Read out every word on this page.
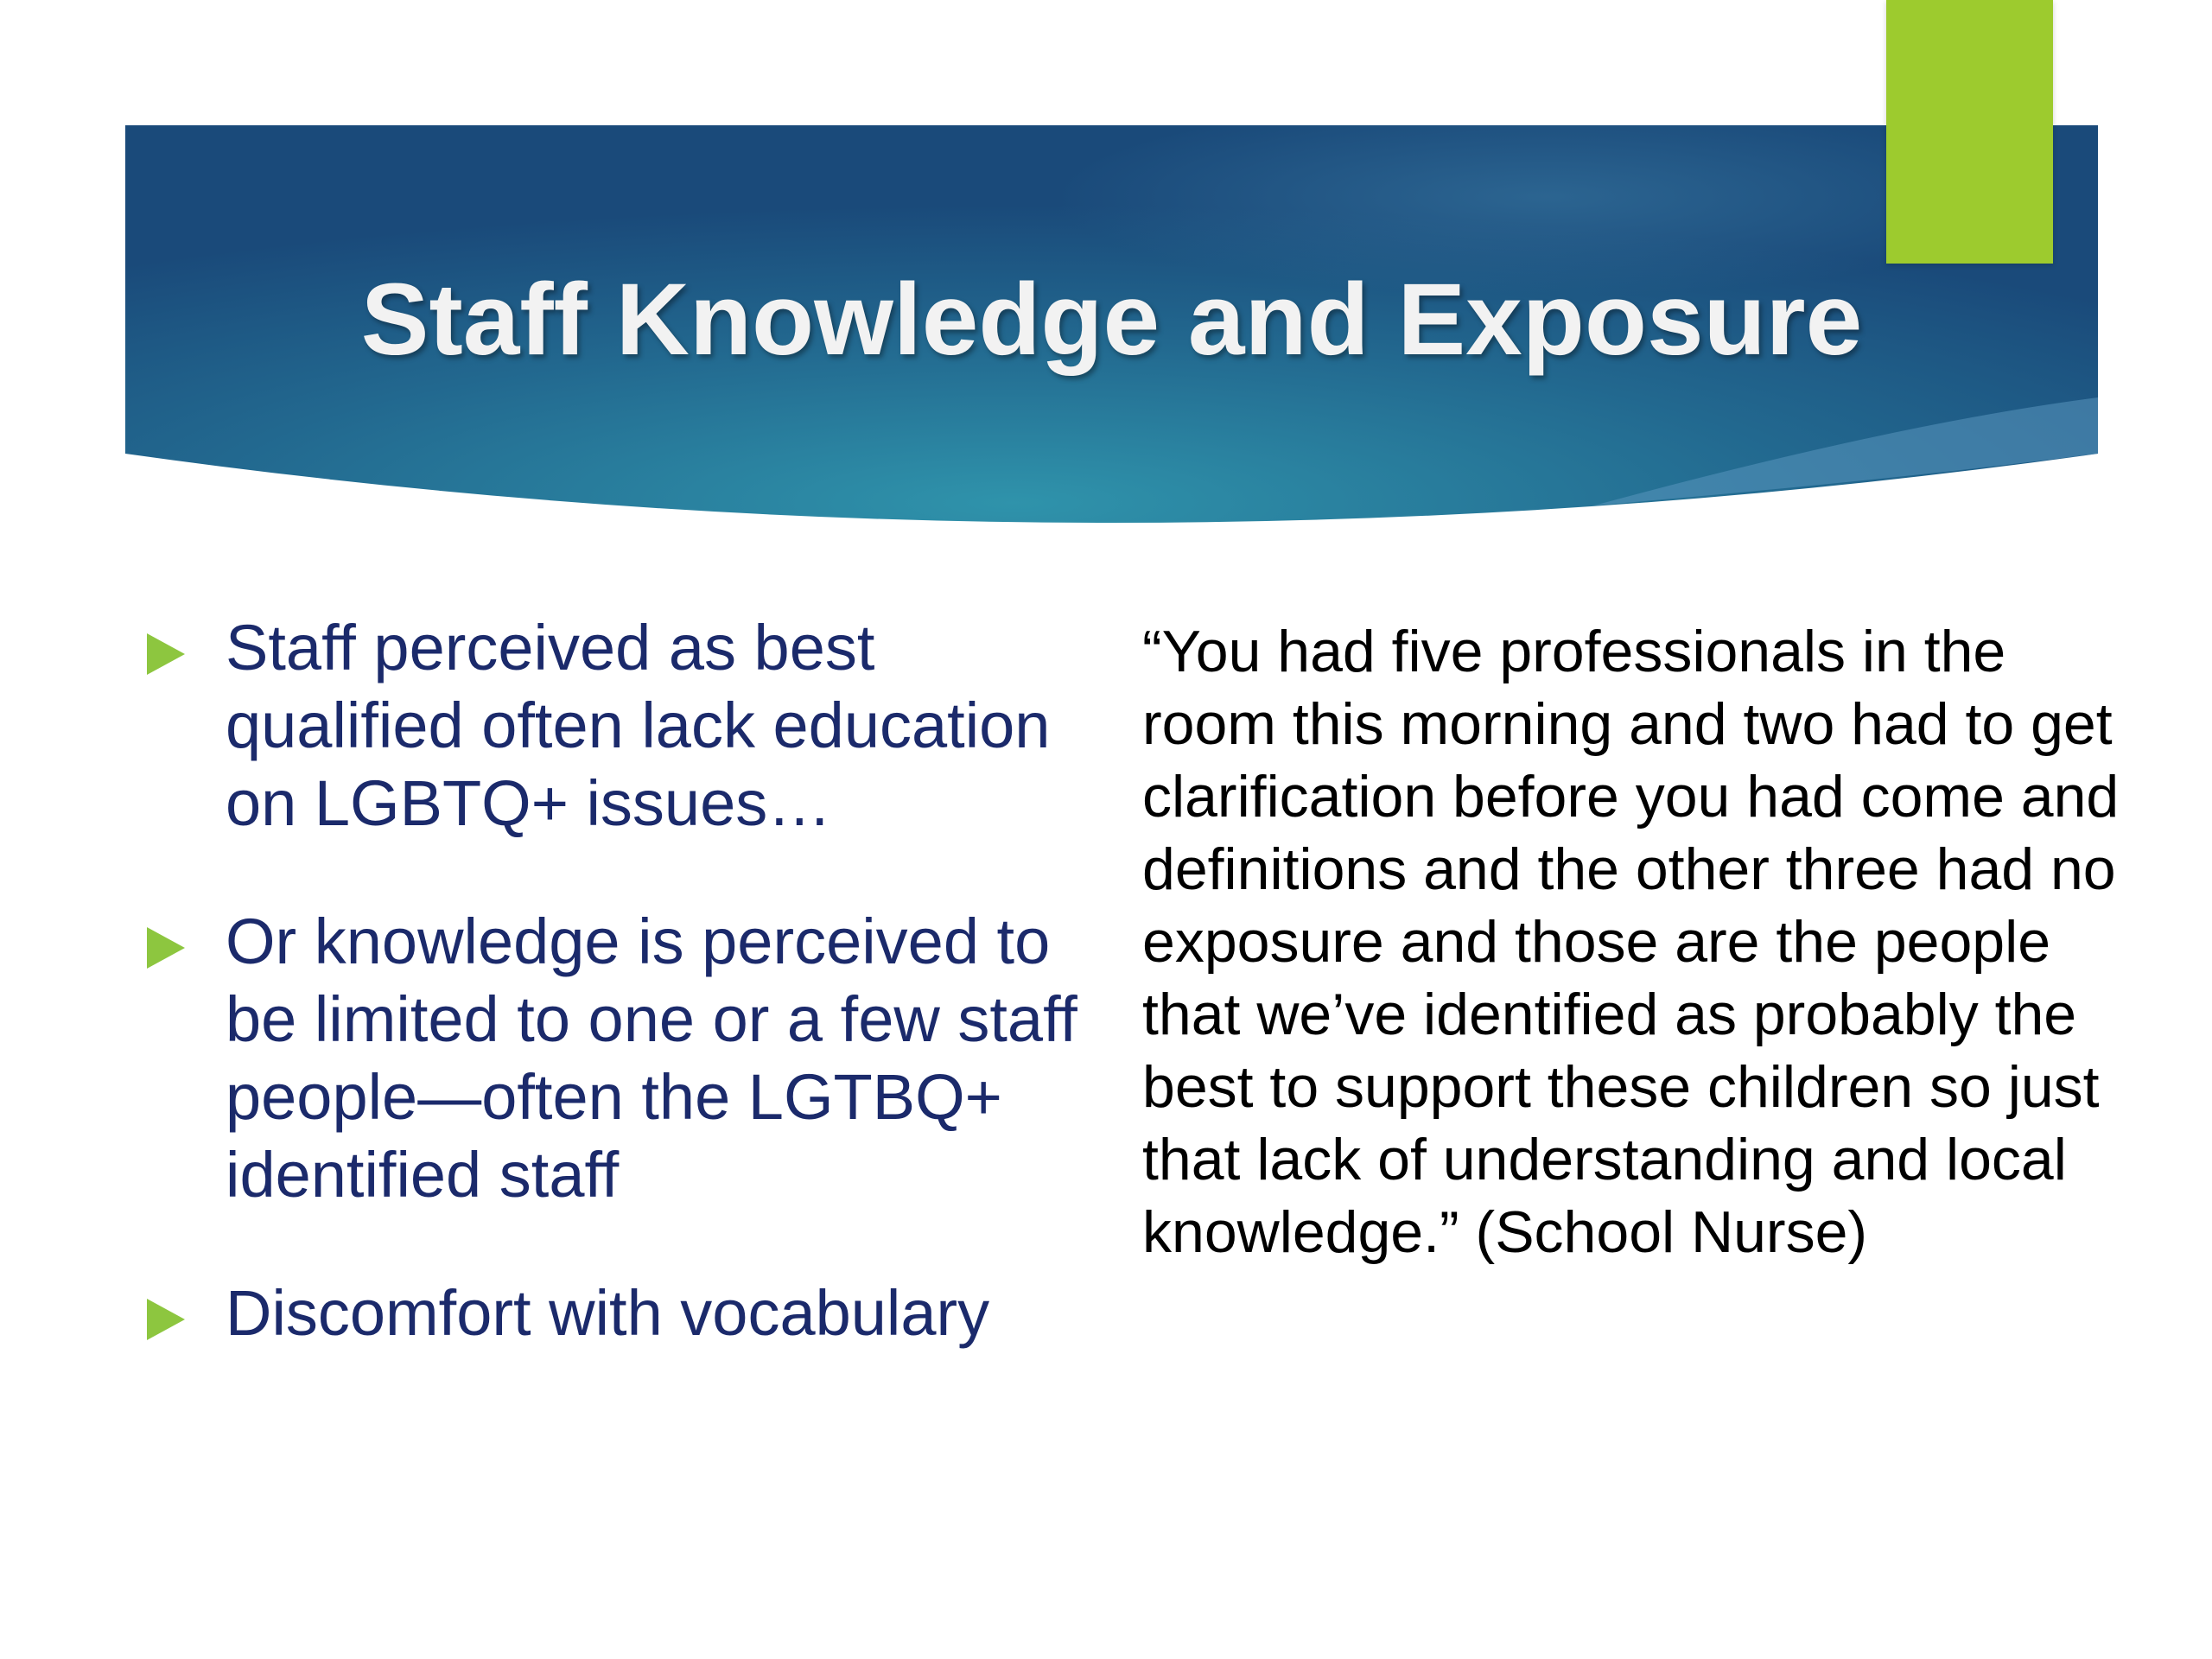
Staff Knowledge and Exposure
Staff perceived as best qualified often lack education on LGBTQ+ issues…
Or knowledge is perceived to be limited to one or a few staff people—often the LGTBQ+ identified staff
Discomfort with vocabulary

“You had five professionals in the room this morning and two had to get clarification before you had come and definitions and the other three had no exposure and those are the people that we’ve identified as probably the best to support these children so just that lack of understanding and local knowledge.” (School Nurse)
